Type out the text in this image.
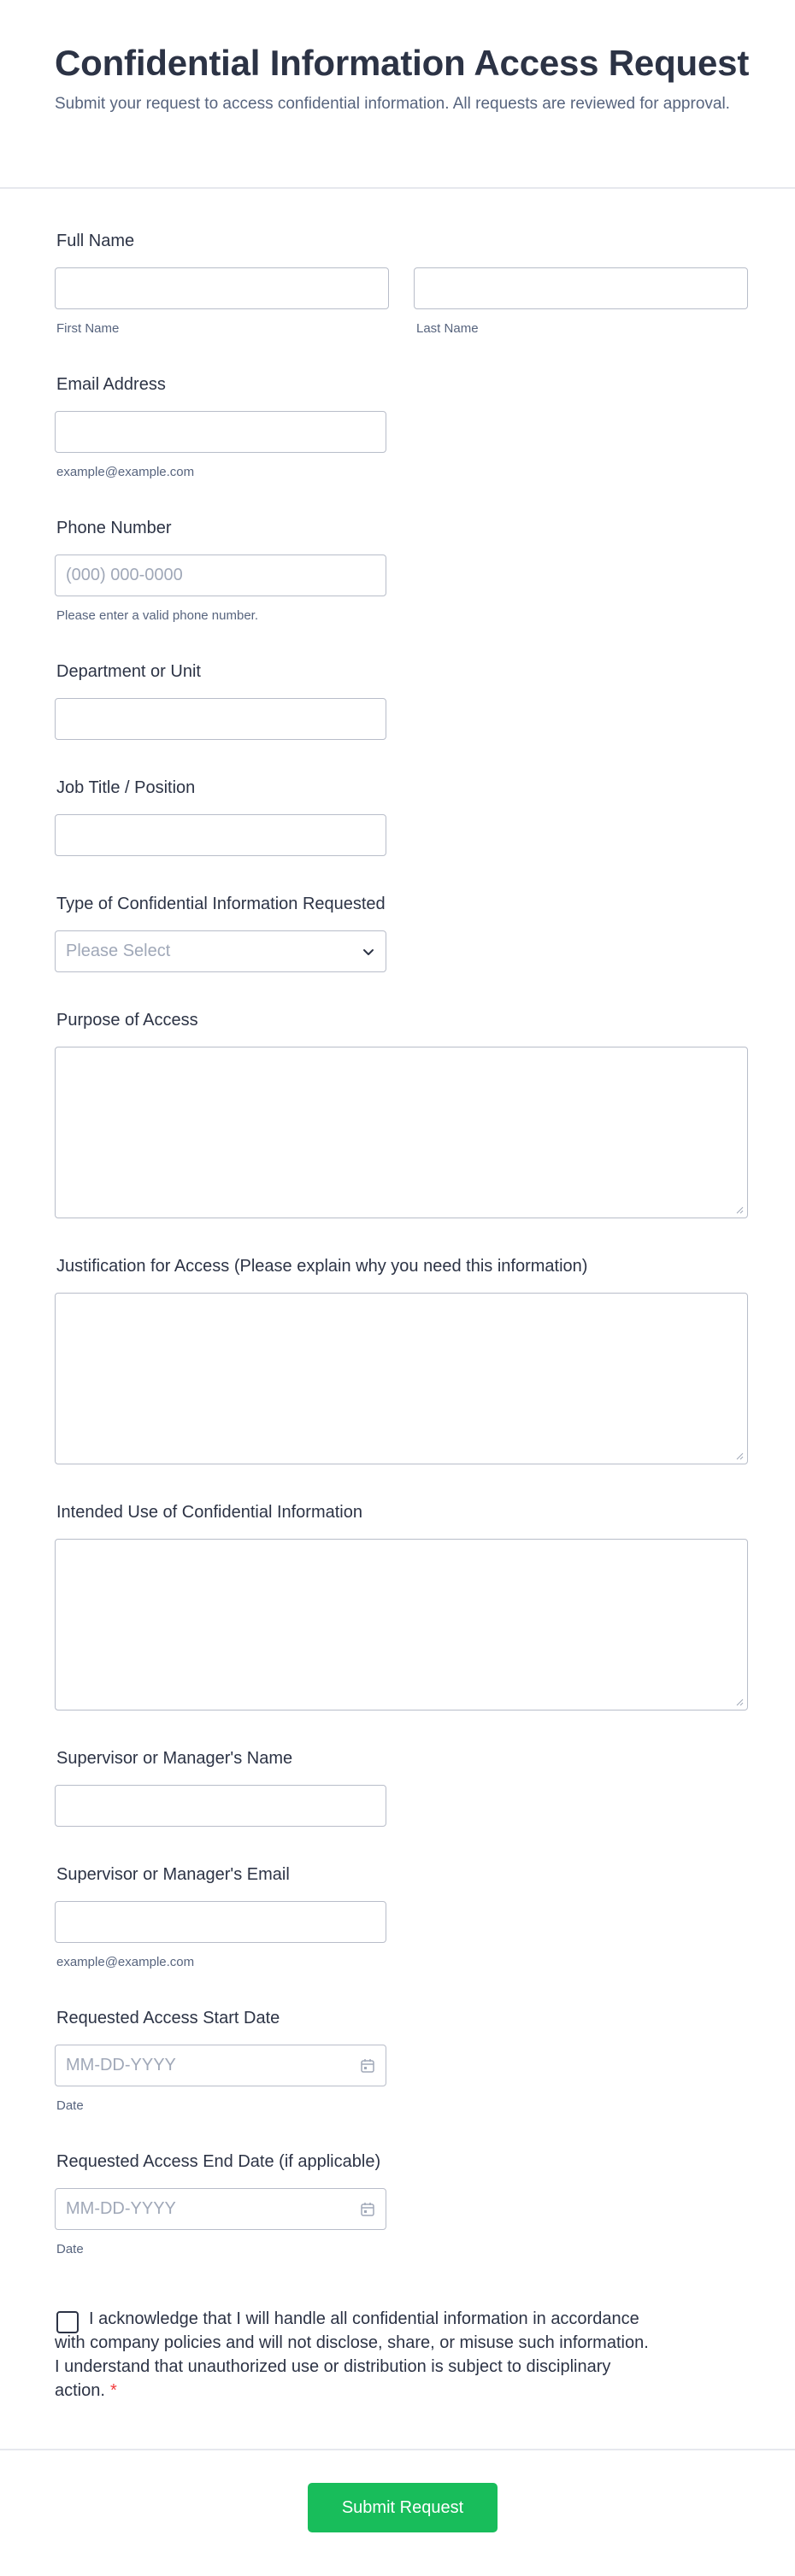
Confidential Information Access Request
Submit your request to access confidential information. All requests are reviewed for approval.
Full Name
First Name	Last Name
Email Address
example@example.com
Phone Number
(000) 000-0000
Please enter a valid phone number.
Department or Unit
Job Title / Position
Type of Confidential Information Requested
Please Select
Purpose of Access
Justification for Access (Please explain why you need this information)
Intended Use of Confidential Information
Supervisor or Manager's Name
Supervisor or Manager's Email
example@example.com
Requested Access Start Date
MM-DD-YYYY
Date
Requested Access End Date (if applicable)
MM-DD-YYYY
Date
I acknowledge that I will handle all confidential information in accordance with company policies and will not disclose, share, or misuse such information. I understand that unauthorized use or distribution is subject to disciplinary action. *
Submit Request
